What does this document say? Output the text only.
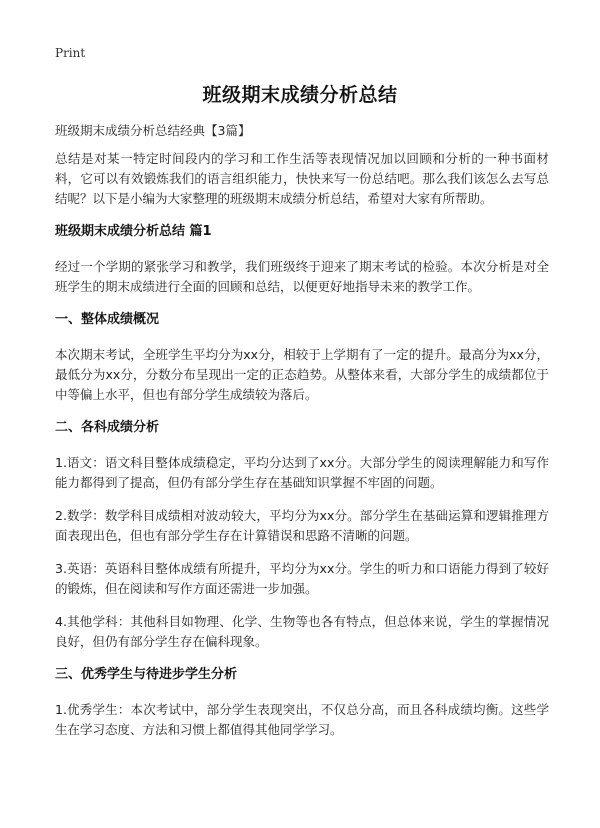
Print
班级期末成绩分析总结
班级期末成绩分析总结经典【3篇】

总结是对某一特定时间段内的学习和工作生活等表现情况加以回顾和分析的一种书面材料，它可以有效锻炼我们的语言组织能力，快快来写一份总结吧。那么我们该怎么去写总结呢？以下是小编为大家整理的班级期末成绩分析总结，希望对大家有所帮助。

班级期末成绩分析总结 篇1

经过一个学期的紧张学习和教学，我们班级终于迎来了期末考试的检验。本次分析是对全班学生的期末成绩进行全面的回顾和总结，以便更好地指导未来的教学工作。

一、整体成绩概况

本次期末考试，全班学生平均分为xx分，相较于上学期有了一定的提升。最高分为xx分，最低分为xx分，分数分布呈现出一定的正态趋势。从整体来看，大部分学生的成绩都位于中等偏上水平，但也有部分学生成绩较为落后。

二、各科成绩分析

1.语文：语文科目整体成绩稳定，平均分达到了xx分。大部分学生的阅读理解能力和写作能力都得到了提高，但仍有部分学生存在基础知识掌握不牢固的问题。

2.数学：数学科目成绩相对波动较大，平均分为xx分。部分学生在基础运算和逻辑推理方面表现出色，但也有部分学生存在计算错误和思路不清晰的问题。

3.英语：英语科目整体成绩有所提升，平均分为xx分。学生的听力和口语能力得到了较好的锻炼，但在阅读和写作方面还需进一步加强。

4.其他学科：其他科目如物理、化学、生物等也各有特点，但总体来说，学生的掌握情况良好，但仍有部分学生存在偏科现象。

三、优秀学生与待进步学生分析

1.优秀学生：本次考试中，部分学生表现突出，不仅总分高，而且各科成绩均衡。这些学生在学习态度、方法和习惯上都值得其他同学学习。
